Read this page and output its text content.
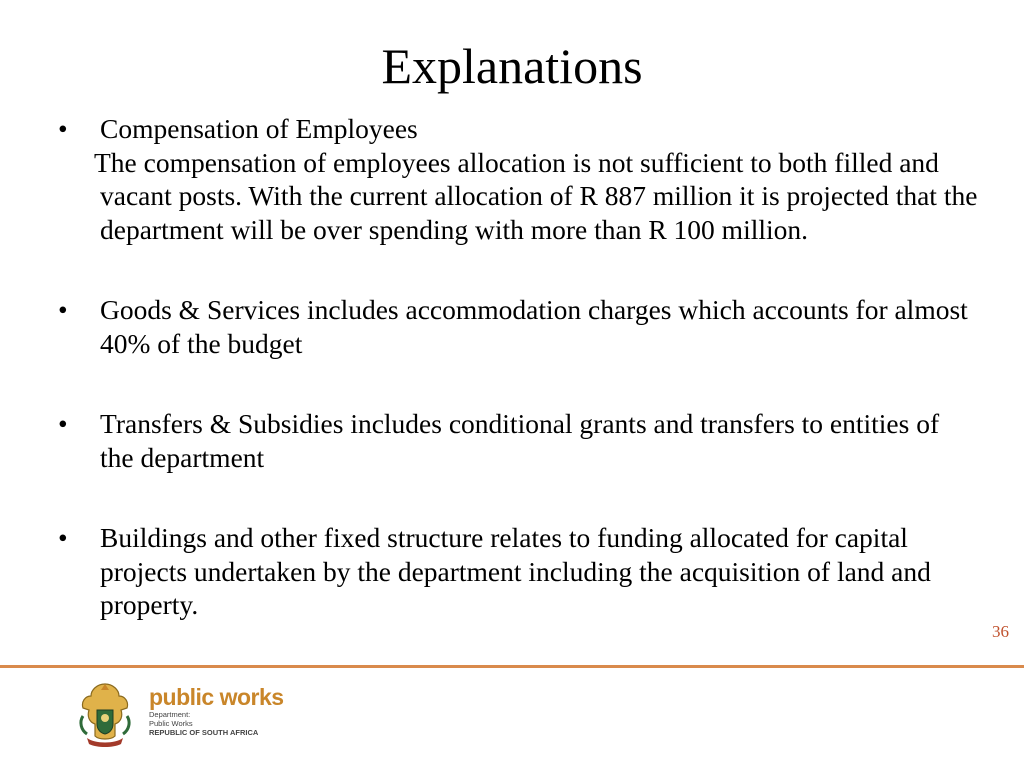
Explanations
• Compensation of Employees
The compensation of employees allocation is not sufficient to both filled and vacant posts. With the current allocation of R 887 million it is projected that the department will be over spending with more than R 100 million.
• Goods & Services includes accommodation charges which accounts for almost 40% of the budget
• Transfers & Subsidies includes conditional grants and transfers to entities of the department
• Buildings and other fixed structure relates to funding allocated for capital projects undertaken by the department including the acquisition of land and property.
36
public works
Department:
Public Works
REPUBLIC OF SOUTH AFRICA
